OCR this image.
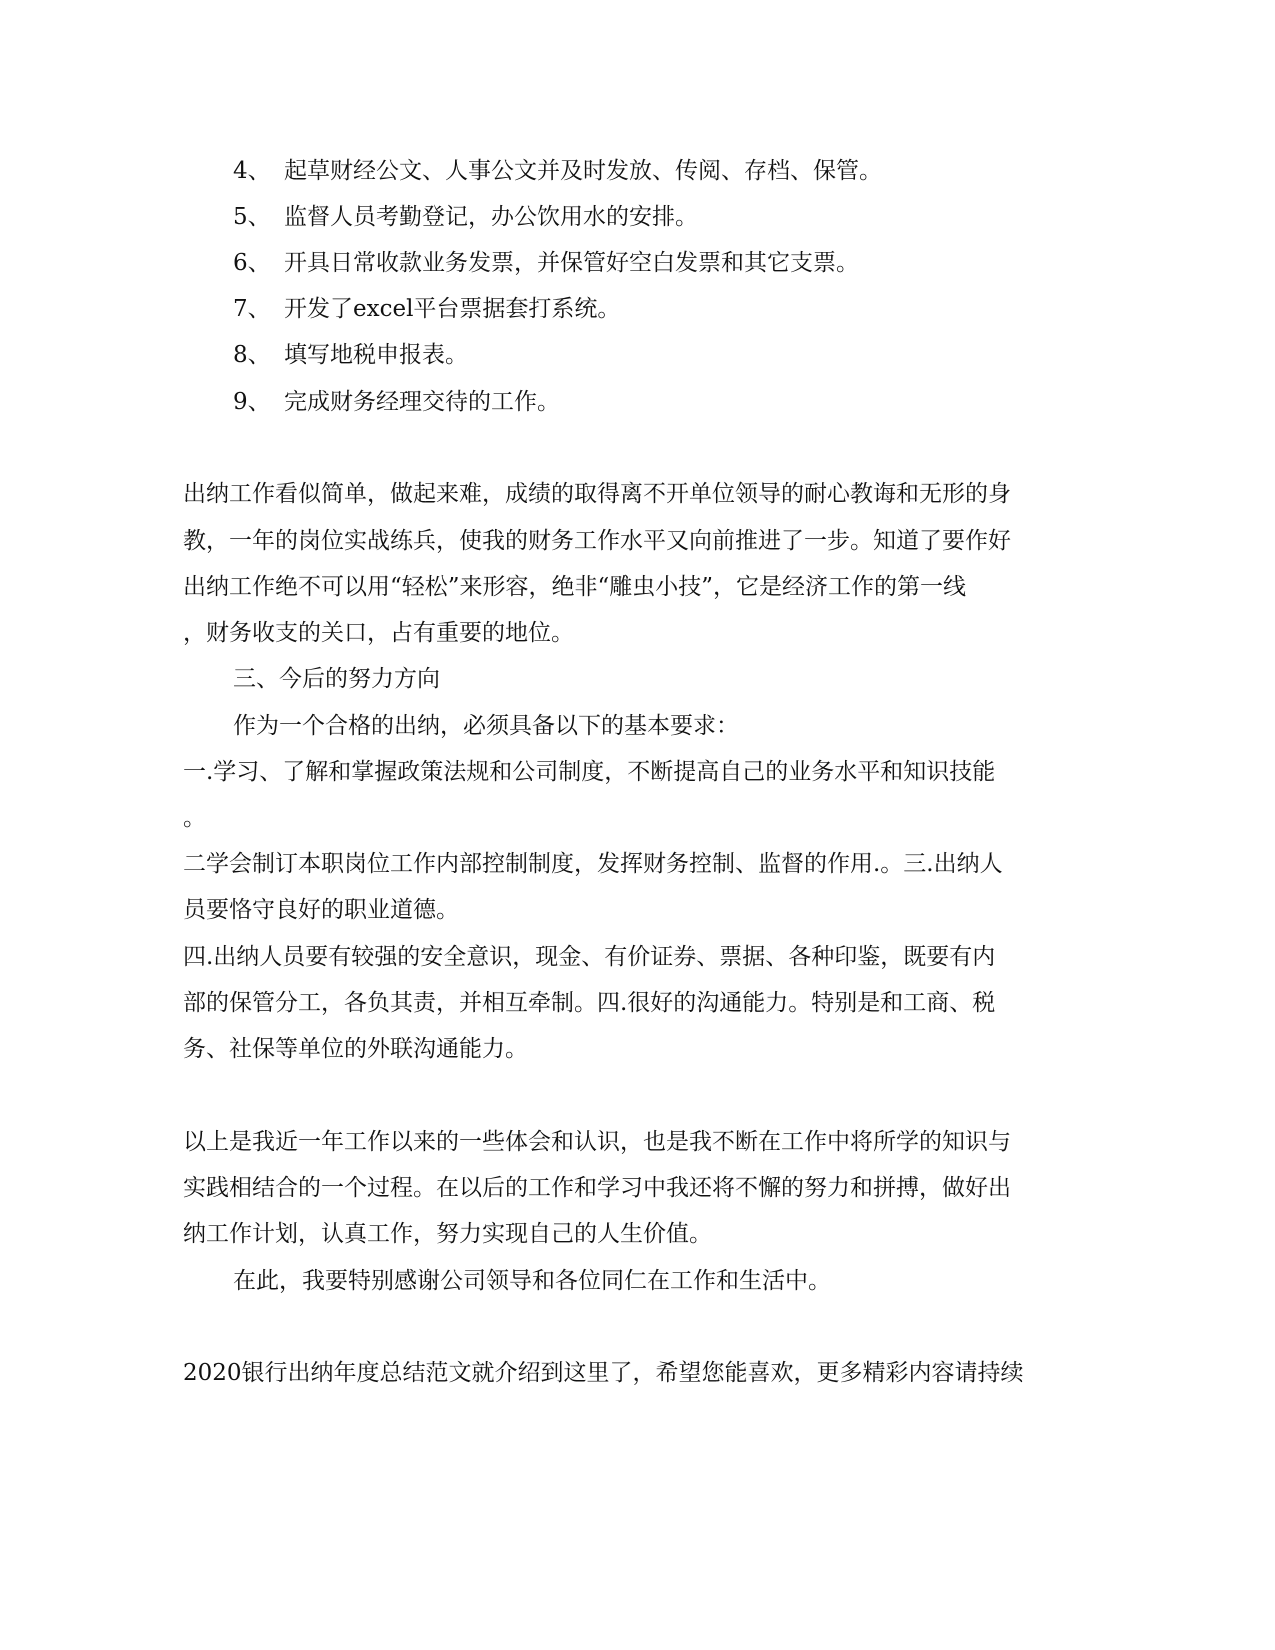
4、 起草财经公文、人事公文并及时发放、传阅、存档、保管。
5、 监督人员考勤登记，办公饮用水的安排。
6、 开具日常收款业务发票，并保管好空白发票和其它支票。
7、 开发了excel平台票据套打系统。
8、 填写地税申报表。
9、 完成财务经理交待的工作。
出纳工作看似简单，做起来难，成绩的取得离不开单位领导的耐心教诲和无形的身
教，一年的岗位实战练兵，使我的财务工作水平又向前推进了一步。知道了要作好
出纳工作绝不可以用“轻松”来形容，绝非“雕虫小技”，它是经济工作的第一线
，财务收支的关口，占有重要的地位。
三、今后的努力方向
作为一个合格的出纳，必须具备以下的基本要求：
一.学习、了解和掌握政策法规和公司制度，不断提高自己的业务水平和知识技能
。
二学会制订本职岗位工作内部控制制度，发挥财务控制、监督的作用.。三.出纳人
员要恪守良好的职业道德。
四.出纳人员要有较强的安全意识，现金、有价证券、票据、各种印鉴，既要有内
部的保管分工，各负其责，并相互牵制。四.很好的沟通能力。特别是和工商、税
务、社保等单位的外联沟通能力。
以上是我近一年工作以来的一些体会和认识，也是我不断在工作中将所学的知识与
实践相结合的一个过程。在以后的工作和学习中我还将不懈的努力和拼搏，做好出
纳工作计划，认真工作，努力实现自己的人生价值。
在此，我要特别感谢公司领导和各位同仁在工作和生活中。
2020银行出纳年度总结范文就介绍到这里了，希望您能喜欢，更多精彩内容请持续
